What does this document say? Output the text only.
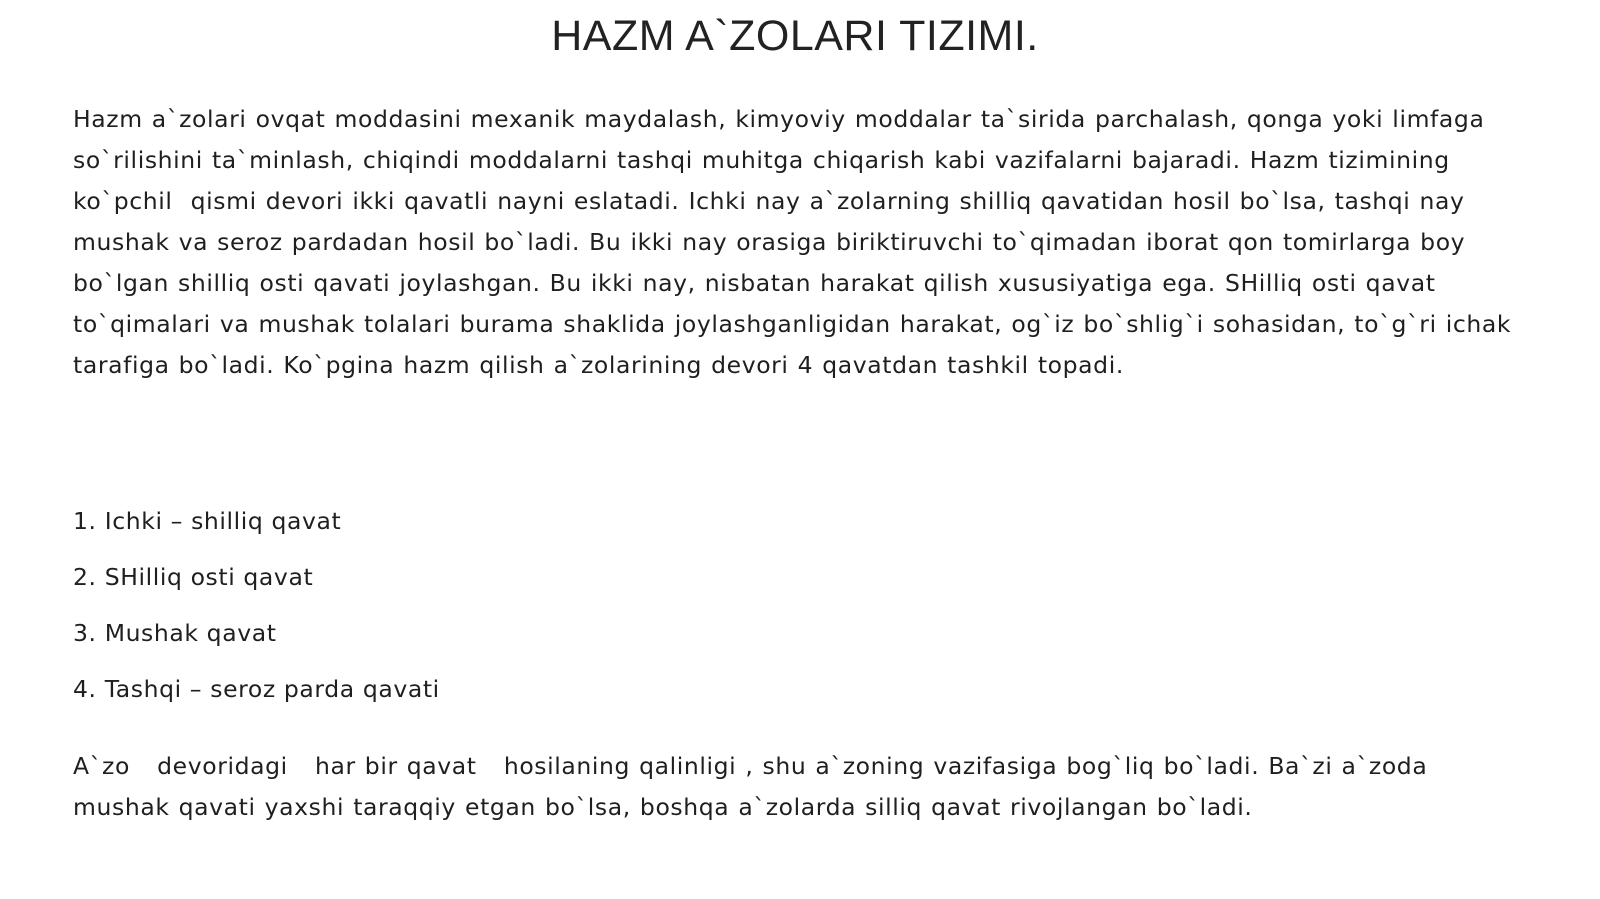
HAZM A`ZOLARI TIZIMI.

Hazm a`zolari ovqat moddasini mexanik maydalash, kimyoviy moddalar ta`sirida parchalash, qonga yoki limfaga so`rilishini ta`minlash, chiqindi moddalarni tashqi muhitga chiqarish kabi vazifalarni bajaradi. Hazm tizimining ko`pchil  qismi devori ikki qavatli nayni eslatadi. Ichki nay a`zolarning shilliq qavatidan hosil bo`lsa, tashqi nay mushak va seroz pardadan hosil bo`ladi. Bu ikki nay orasiga biriktiruvchi to`qimadan iborat qon tomirlarga boy bo`lgan shilliq osti qavati joylashgan. Bu ikki nay, nisbatan harakat qilish xususiyatiga ega. SHilliq osti qavat to`qimalari va mushak tolalari burama shaklida joylashganligidan harakat, og`iz bo`shlig`i sohasidan, to`g`ri ichak tarafiga bo`ladi. Ko`pgina hazm qilish a`zolarining devori 4 qavatdan tashkil topadi.

1. Ichki – shilliq qavat
2. SHilliq osti qavat
3. Mushak qavat
4. Tashqi – seroz parda qavati

A`zo   devoridagi   har bir qavat   hosilaning qalinligi , shu a`zoning vazifasiga bog`liq bo`ladi. Ba`zi a`zoda mushak qavati yaxshi taraqqiy etgan bo`lsa, boshqa a`zolarda silliq qavat rivojlangan bo`ladi.
